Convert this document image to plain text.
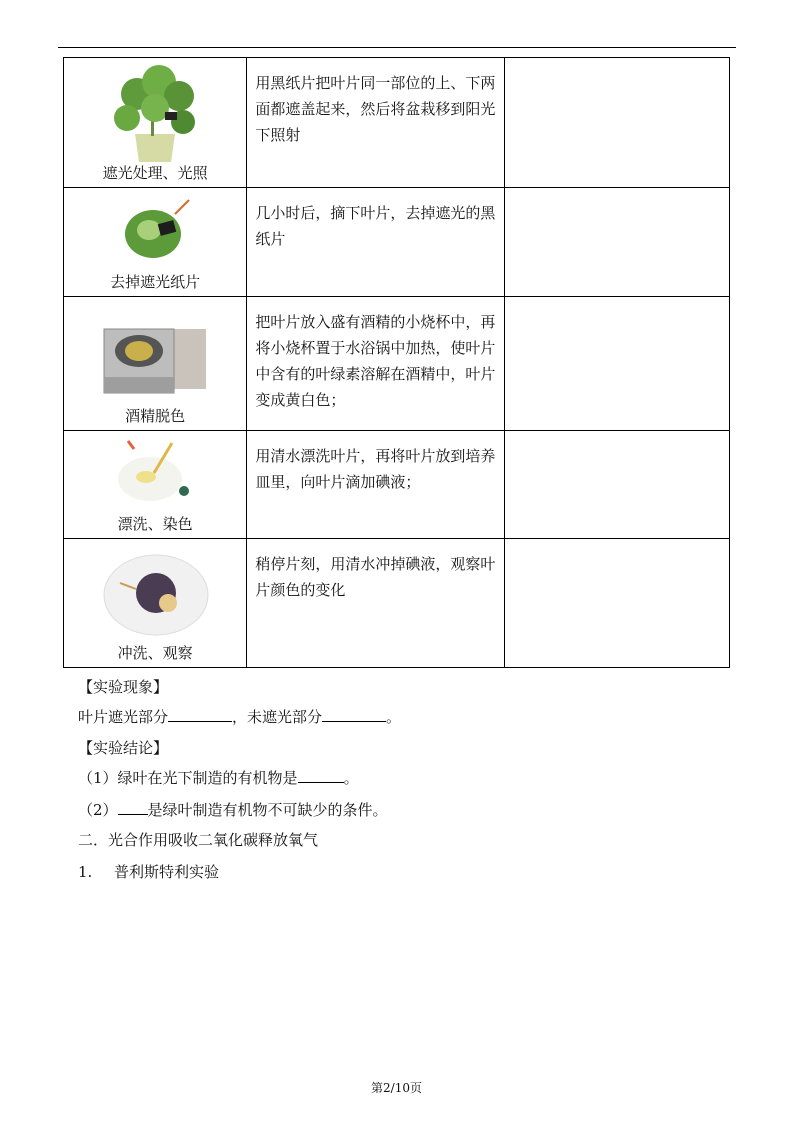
遮光处理、光照	用黑纸片把叶片同一部位的上、下两面都遮盖起来，然后将盆栽移到阳光下照射	

去掉遮光纸片	几小时后，摘下叶片，去掉遮光的黑纸片	

酒精脱色	把叶片放入盛有酒精的小烧杯中，再将小烧杯置于水浴锅中加热，使叶片中含有的叶绿素溶解在酒精中，叶片变成黄白色；	

漂洗、染色	用清水漂洗叶片，再将叶片放到培养皿里，向叶片滴加碘液；	

冲洗、观察	稍停片刻，用清水冲掉碘液，观察叶片颜色的变化	
【实验现象】
叶片遮光部分	，未遮光部分	。
【实验结论】
（1）绿叶在光下制造的有机物是	。
（2） 是绿叶制造有机物不可缺少的条件。
二．光合作用吸收二氧化碳释放氧气
1. 普利斯特利实验
第2/10页
